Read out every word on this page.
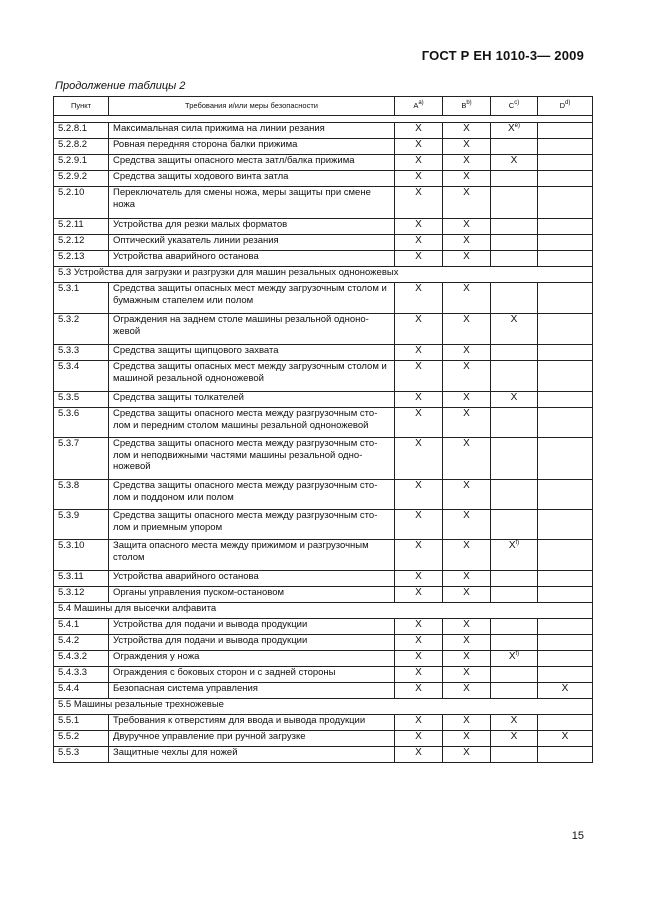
ГОСТ Р ЕН 1010-3— 2009
Продолжение таблицы 2
Пункт	Требования и/или меры безопасности	$A^{a)}$	$B^{b)}$	$C^{c)}$	$D^{d)}$

5.2.8.1	Максимальная сила прижима на линии резания	X	X	$X^{e)}$	
5.2.8.2	Ровная передняя сторона балки прижима	X	X		
5.2.9.1	Средства защиты опасного места затл/балка прижима	X	X	X	
5.2.9.2	Средства защиты ходового винта затла	X	X		
5.2.10	Переключатель для смены ножа, меры защиты при смене ножа	X	X		
5.2.11	Устройства для резки малых форматов	X	X		
5.2.12	Оптический указатель линии резания	X	X		
5.2.13	Устройства аварийного останова	X	X		
5.3 Устройства для загрузки и разгрузки для машин резальных одноножевых					
5.3.1	Средства защиты опасных мест между загрузочным столом и бумажным стапелем или полом	X	X		
5.3.2	Ограждения на заднем столе машины резальной одноножевой	X	X	X	
5.3.3	Средства защиты щипцового захвата	X	X		
5.3.4	Средства защиты опасных мест между загрузочным столом и машиной резальной одноножевой	X	X		
5.3.5	Средства защиты толкателей	X	X	X	
5.3.6	Средства защиты опасного места между разгрузочным столом и передним столом машины резальной одноножевой	X	X		
5.3.7	Средства защиты опасного места между разгрузочным столом и неподвижными частями машины резальной одноножевой	X	X		
5.3.8	Средства защиты опасного места между разгрузочным столом и поддоном или полом	X	X		
5.3.9	Средства защиты опасного места между разгрузочным столом и приемным упором	X	X		
5.3.10	Защита опасного места между прижимом и разгрузочным столом	X	X	$X^{f)}$	
5.3.11	Устройства аварийного останова	X	X		
5.3.12	Органы управления пуском-остановом	X	X		
5.4 Машины для высечки алфавита					
5.4.1	Устройства для подачи и вывода продукции	X	X		
5.4.2	Устройства для подачи и вывода продукции	X	X		
5.4.3.2	Ограждения у ножа	X	X	$X^{f)}$	
5.4.3.3	Ограждения с боковых сторон и с задней стороны	X	X		
5.4.4	Безопасная система управления	X	X		X
5.5 Машины резальные трехножевые					
5.5.1	Требования к отверстиям для ввода и вывода продукции	X	X	X	
5.5.2	Двуручное управление при ручной загрузке	X	X	X	X
5.5.3	Защитные чехлы для ножей	X	X		
15
